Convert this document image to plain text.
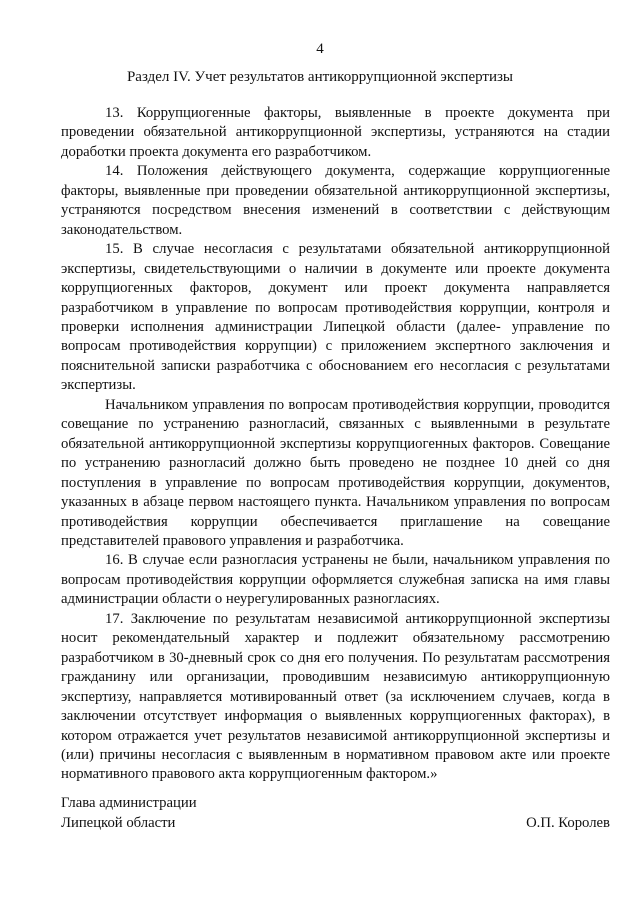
4
Раздел IV. Учет результатов антикоррупционной экспертизы

13. Коррупциогенные факторы, выявленные в проекте документа при проведении обязательной антикоррупционной экспертизы, устраняются на стадии доработки проекта документа его разработчиком.

14. Положения действующего документа, содержащие коррупциогенные факторы, выявленные при проведении обязательной антикоррупционной экспертизы, устраняются посредством внесения изменений в соответствии с действующим законодательством.

15. В случае несогласия с результатами обязательной антикоррупционной экспертизы, свидетельствующими о наличии в документе или проекте документа коррупциогенных факторов, документ или проект документа направляется разработчиком в управление по вопросам противодействия коррупции, контроля и проверки исполнения администрации Липецкой области (далее- управление по вопросам противодействия коррупции) с приложением экспертного заключения и пояснительной записки разработчика с обоснованием его несогласия с результатами экспертизы.

Начальником управления по вопросам противодействия коррупции, проводится совещание по устранению разногласий, связанных с выявленными в результате обязательной антикоррупционной экспертизы коррупциогенных факторов. Совещание по устранению разногласий должно быть проведено не позднее 10 дней со дня поступления в управление по вопросам противодействия коррупции, документов, указанных в абзаце первом настоящего пункта. Начальником управления по вопросам противодействия коррупции обеспечивается приглашение на совещание представителей правового управления и разработчика.

16. В случае если разногласия устранены не были, начальником управления по вопросам противодействия коррупции оформляется служебная записка на имя главы администрации области о неурегулированных разногласиях.

17. Заключение по результатам независимой антикоррупционной экспертизы носит рекомендательный характер и подлежит обязательному рассмотрению разработчиком в 30-дневный срок со дня его получения. По результатам рассмотрения гражданину или организации, проводившим независимую антикоррупционную экспертизу, направляется мотивированный ответ (за исключением случаев, когда в заключении отсутствует информация о выявленных коррупциогенных факторах), в котором отражается учет результатов независимой антикоррупционной экспертизы и (или) причины несогласия с выявленным в нормативном правовом акте или проекте нормативного правового акта коррупциогенным фактором.»

Глава администрации
Липецкой области	О.П. Королев
